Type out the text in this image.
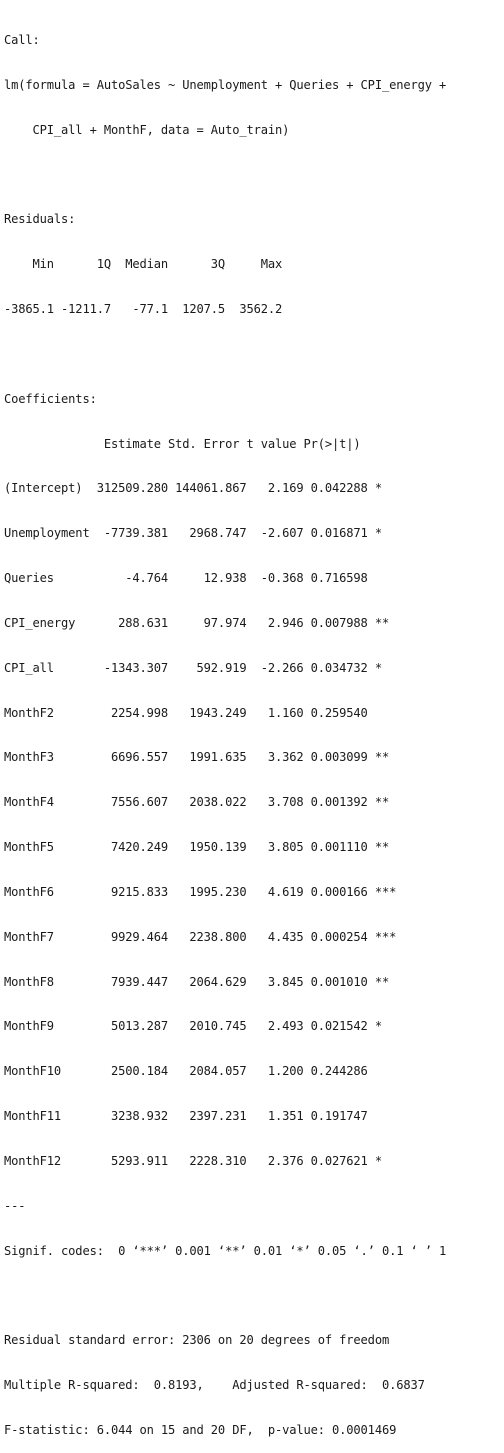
Call:

lm(formula = AutoSales ~ Unemployment + Queries + CPI_energy +

CPI_all + MonthF, data = Auto_train)

Residuals:

Min      1Q  Median      3Q     Max

-3865.1 -1211.7   -77.1  1207.5  3562.2

Coefficients:

Estimate Std. Error t value Pr(>|t|)

(Intercept)  312509.280 144061.867   2.169 0.042288 *

Unemployment  -7739.381   2968.747  -2.607 0.016871 *

Queries          -4.764     12.938  -0.368 0.716598

CPI_energy      288.631     97.974   2.946 0.007988 **

CPI_all       -1343.307    592.919  -2.266 0.034732 *

MonthF2        2254.998   1943.249   1.160 0.259540

MonthF3        6696.557   1991.635   3.362 0.003099 **

MonthF4        7556.607   2038.022   3.708 0.001392 **

MonthF5        7420.249   1950.139   3.805 0.001110 **

MonthF6        9215.833   1995.230   4.619 0.000166 ***

MonthF7        9929.464   2238.800   4.435 0.000254 ***

MonthF8        7939.447   2064.629   3.845 0.001010 **

MonthF9        5013.287   2010.745   2.493 0.021542 *

MonthF10       2500.184   2084.057   1.200 0.244286

MonthF11       3238.932   2397.231   1.351 0.191747

MonthF12       5293.911   2228.310   2.376 0.027621 *

---

Signif. codes:  0 ‘***’ 0.001 ‘**’ 0.01 ‘*’ 0.05 ‘.’ 0.1 ‘ ’ 1

Residual standard error: 2306 on 20 degrees of freedom

Multiple R-squared:  0.8193,	Adjusted R-squared:  0.6837

F-statistic: 6.044 on 15 and 20 DF,  p-value: 0.0001469
